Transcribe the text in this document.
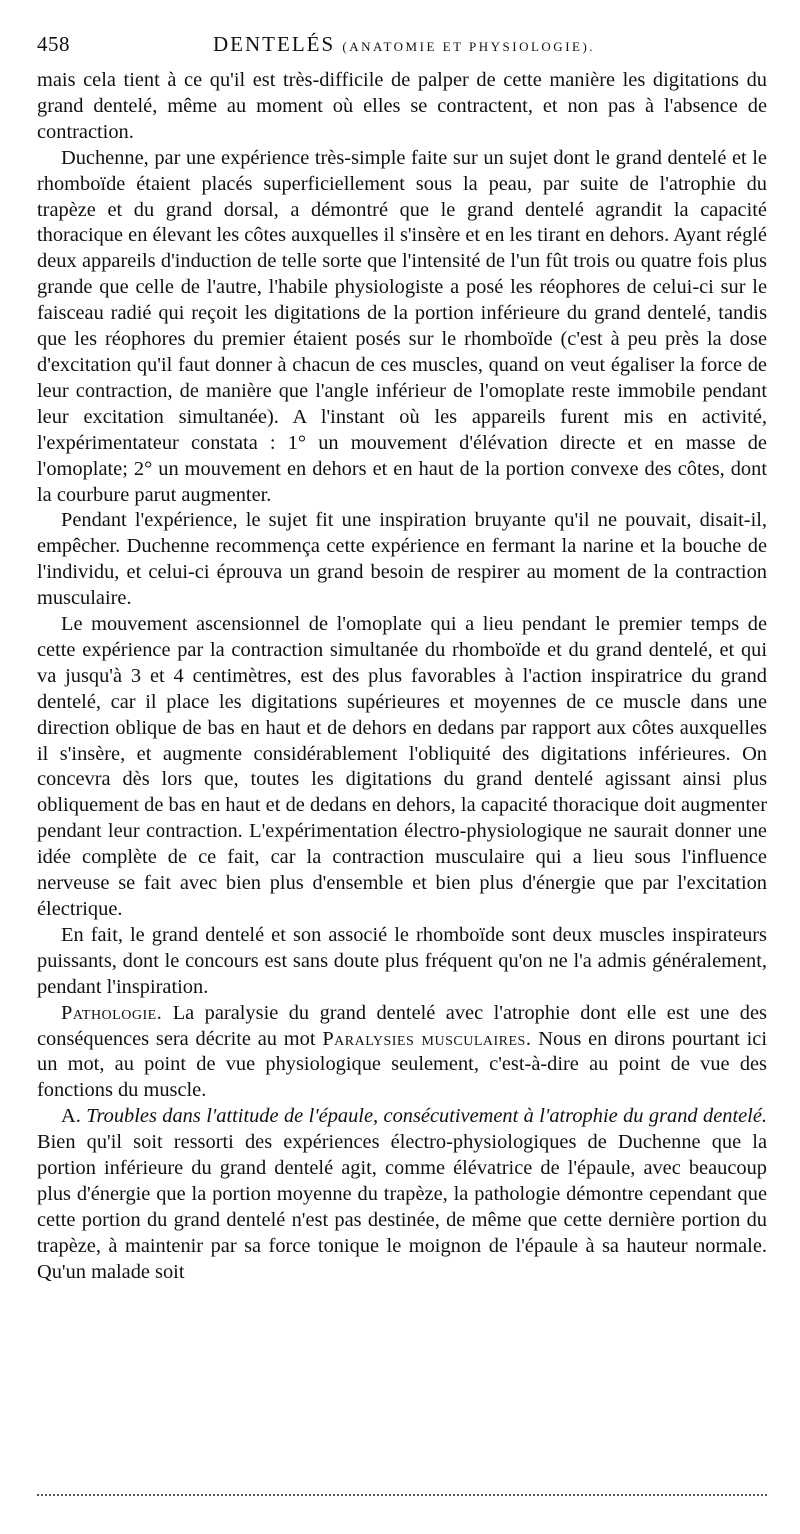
458	DENTELÉS (ANATOMIE ET PHYSIOLOGIE).

mais cela tient à ce qu'il est très-difficile de palper de cette manière les digitations du grand dentelé, même au moment où elles se contractent, et non pas à l'absence de contraction.

Duchenne, par une expérience très-simple faite sur un sujet dont le grand dentelé et le rhomboïde étaient placés superficiellement sous la peau, par suite de l'atrophie du trapèze et du grand dorsal, a démontré que le grand dentelé agrandit la capacité thoracique en élevant les côtes auxquelles il s'insère et en les tirant en dehors. Ayant réglé deux appareils d'induction de telle sorte que l'intensité de l'un fût trois ou quatre fois plus grande que celle de l'autre, l'habile physiologiste a posé les réophores de celui-ci sur le faisceau radié qui reçoit les digitations de la portion inférieure du grand dentelé, tandis que les réophores du premier étaient posés sur le rhomboïde (c'est à peu près la dose d'excitation qu'il faut donner à chacun de ces muscles, quand on veut égaliser la force de leur contraction, de manière que l'angle inférieur de l'omoplate reste immobile pendant leur excitation simultanée). A l'instant où les appareils furent mis en activité, l'expérimentateur constata : 1° un mouvement d'élévation directe et en masse de l'omoplate; 2° un mouvement en dehors et en haut de la portion convexe des côtes, dont la courbure parut augmenter.

Pendant l'expérience, le sujet fit une inspiration bruyante qu'il ne pouvait, disait-il, empêcher. Duchenne recommença cette expérience en fermant la narine et la bouche de l'individu, et celui-ci éprouva un grand besoin de respirer au moment de la contraction musculaire.

Le mouvement ascensionnel de l'omoplate qui a lieu pendant le premier temps de cette expérience par la contraction simultanée du rhomboïde et du grand dentelé, et qui va jusqu'à 3 et 4 centimètres, est des plus favorables à l'action inspiratrice du grand dentelé, car il place les digitations supérieures et moyennes de ce muscle dans une direction oblique de bas en haut et de dehors en dedans par rapport aux côtes auxquelles il s'insère, et augmente considérablement l'obliquité des digitations inférieures. On concevra dès lors que, toutes les digitations du grand dentelé agissant ainsi plus obliquement de bas en haut et de dedans en dehors, la capacité thoracique doit augmenter pendant leur contraction. L'expérimentation électro-physiologique ne saurait donner une idée complète de ce fait, car la contraction musculaire qui a lieu sous l'influence nerveuse se fait avec bien plus d'ensemble et bien plus d'énergie que par l'excitation électrique.

En fait, le grand dentelé et son associé le rhomboïde sont deux muscles inspirateurs puissants, dont le concours est sans doute plus fréquent qu'on ne l'a admis généralement, pendant l'inspiration.

Pathologie. La paralysie du grand dentelé avec l'atrophie dont elle est une des conséquences sera décrite au mot Paralysies musculaires. Nous en dirons pourtant ici un mot, au point de vue physiologique seulement, c'est-à-dire au point de vue des fonctions du muscle.

A. Troubles dans l'attitude de l'épaule, consécutivement à l'atrophie du grand dentelé. Bien qu'il soit ressorti des expériences électro-physiologiques de Duchenne que la portion inférieure du grand dentelé agit, comme élévatrice de l'épaule, avec beaucoup plus d'énergie que la portion moyenne du trapèze, la pathologie démontre cependant que cette portion du grand dentelé n'est pas destinée, de même que cette dernière portion du trapèze, à maintenir par sa force tonique le moignon de l'épaule à sa hauteur normale. Qu'un malade soit
